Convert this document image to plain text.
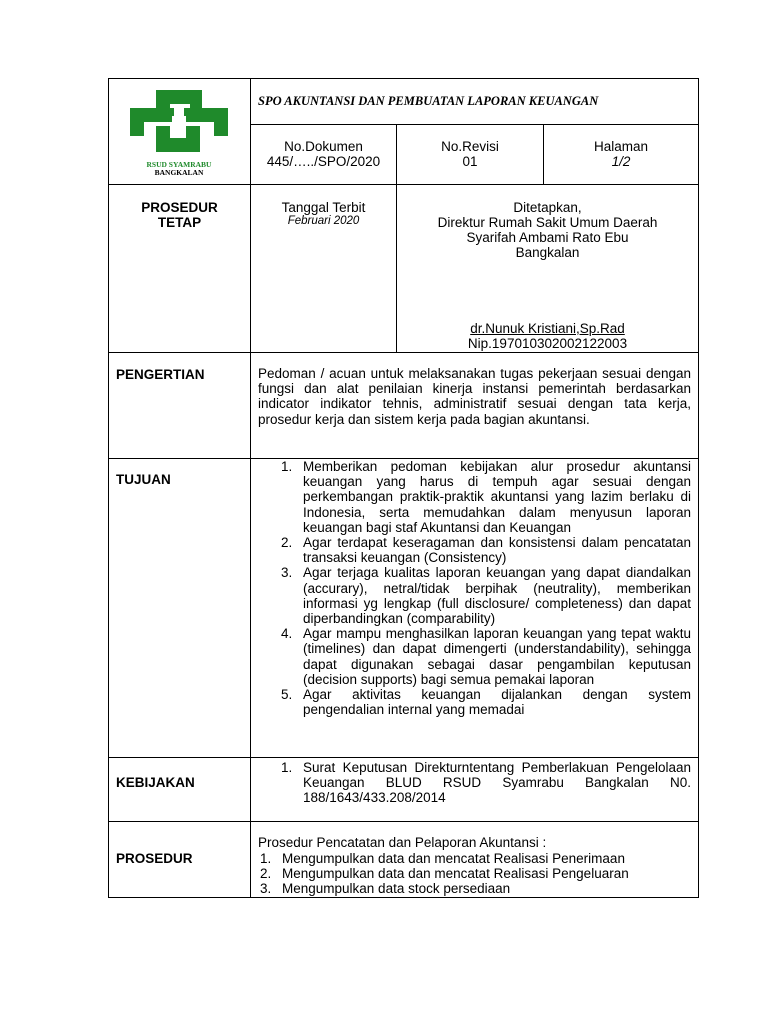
RSUD SYAMRABU
BANGKALAN
SPO AKUNTANSI DAN PEMBUATAN LAPORAN KEUANGAN
No.Dokumen
445/…../SPO/2020
No.Revisi
01
Halaman
1/2
PROSEDUR
TETAP
Tanggal Terbit
Februari 2020
Ditetapkan,
Direktur Rumah Sakit Umum Daerah
Syarifah Ambami Rato Ebu
Bangkalan
dr.Nunuk Kristiani,Sp.Rad
Nip.197010302002122003
PENGERTIAN	Pedoman / acuan untuk melaksanakan tugas pekerjaan sesuai dengan fungsi dan alat penilaian kinerja instansi pemerintah berdasarkan indicator indikator tehnis, administratif sesuai dengan tata kerja, prosedur kerja dan sistem kerja pada bagian akuntansi.
TUJUAN
1. Memberikan pedoman kebijakan alur prosedur akuntansi keuangan yang harus di tempuh agar sesuai dengan perkembangan praktik-praktik akuntansi yang lazim berlaku di Indonesia, serta memudahkan dalam menyusun laporan keuangan bagi staf Akuntansi dan Keuangan
2. Agar terdapat keseragaman dan konsistensi dalam pencatatan transaksi keuangan (Consistency)
3. Agar terjaga kualitas laporan keuangan yang dapat diandalkan (accurary), netral/tidak berpihak (neutrality), memberikan informasi yg lengkap (full disclosure/ completeness) dan dapat diperbandingkan (comparability)
4. Agar mampu menghasilkan laporan keuangan yang tepat waktu (timelines) dan dapat dimengerti (understandability), sehingga dapat digunakan sebagai dasar pengambilan keputusan (decision supports) bagi semua pemakai laporan
5. Agar aktivitas keuangan dijalankan dengan system pengendalian internal yang memadai
KEBIJAKAN
1. Surat Keputusan Direkturntentang Pemberlakuan Pengelolaan Keuangan BLUD RSUD Syamrabu Bangkalan N0. 188/1643/433.208/2014
PROSEDUR
Prosedur Pencatatan dan Pelaporan Akuntansi :
1. Mengumpulkan data dan mencatat Realisasi Penerimaan
2. Mengumpulkan data dan mencatat Realisasi Pengeluaran
3. Mengumpulkan data stock persediaan
